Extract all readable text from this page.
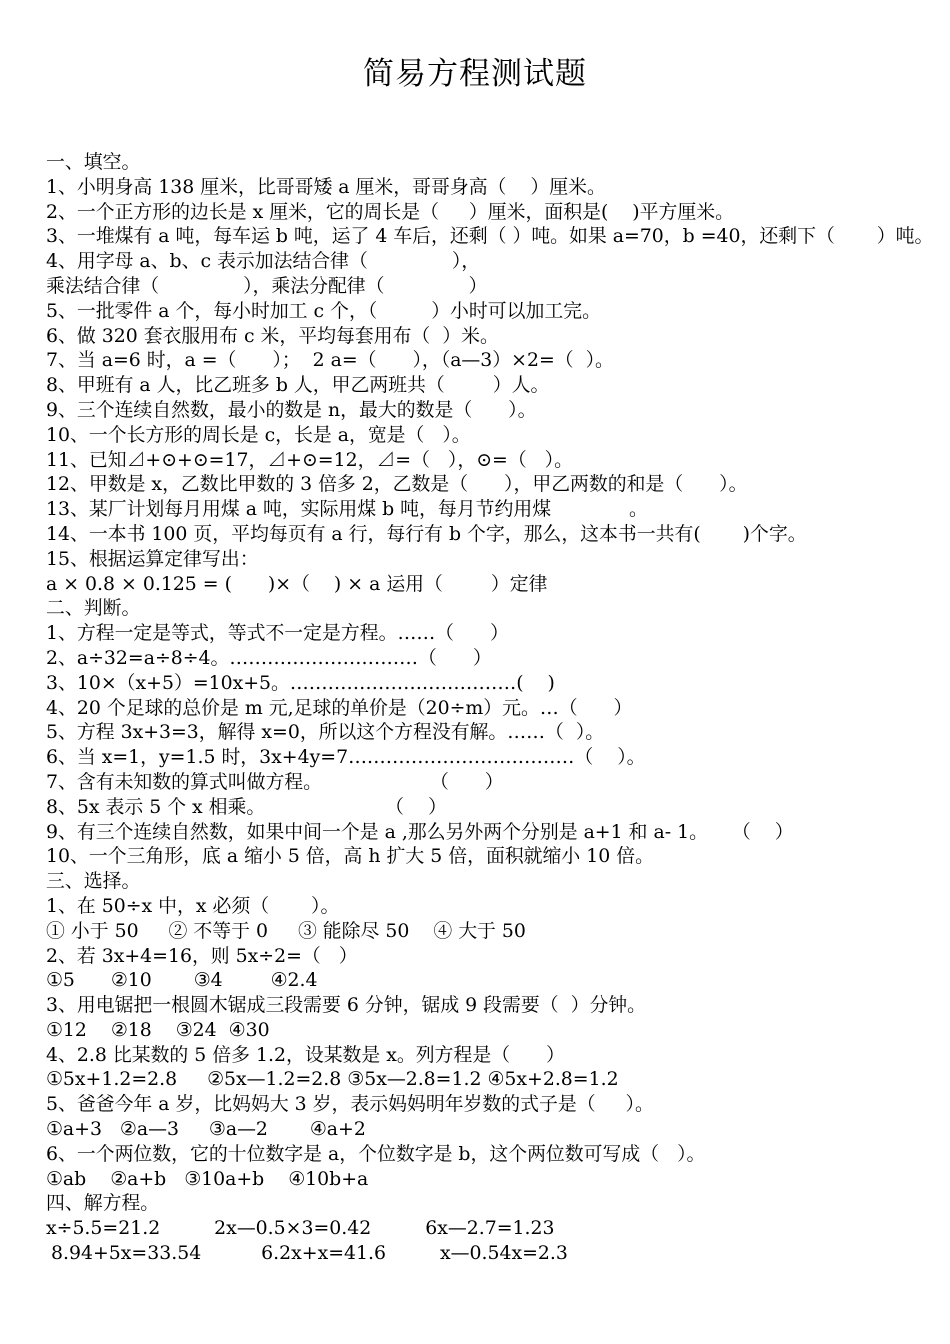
简易方程测试题
一、填空。
1、小明身高 138 厘米，比哥哥矮 a 厘米，哥哥身高（    ）厘米。
2、一个正方形的边长是 x 厘米，它的周长是（     ）厘米，面积是(    )平方厘米。
3、一堆煤有 a 吨，每车运 b 吨，运了 4 车后，还剩（ ）吨。如果 a=70，b =40，还剩下（       ）吨。
4、用字母 a、b、c 表示加法结合律（              ），
乘法结合律（              ），乘法分配律（              ）
5、一批零件 a 个，每小时加工 c 个，（         ）小时可以加工完。
6、做 320 套衣服用布 c 米，平均每套用布（  ）米。
7、当 a=6 时，a =（      ）；  2 a=（      ），（a—3）×2=（  ）。
8、甲班有 a 人，比乙班多 b 人，甲乙两班共（        ）人。
9、三个连续自然数，最小的数是 n，最大的数是（      ）。
10、一个长方形的周长是 c，长是 a，宽是（   ）。
11、已知⊿+⊙+⊙=17，⊿+⊙=12，⊿=（   ），⊙=（   ）。
12、甲数是 x，乙数比甲数的 3 倍多 2，乙数是（      ），甲乙两数的和是（      ）。
13、某厂计划每月用煤 a 吨，实际用煤 b 吨，每月节约用煤             。
14、一本书 100 页，平均每页有 a 行，每行有 b 个字，那么，这本书一共有(       )个字。
15、根据运算定律写出：
a × 0.8 × 0.125 = (      )×（    ) × a 运用（        ）定律
二、判断。
1、方程一定是等式，等式不一定是方程。……（      ）
2、a÷32=a÷8÷4。…………………………（      ）
3、10×（x+5）=10x+5。………………………………(    )
4、20 个足球的总价是 m 元,足球的单价是（20÷m）元。…（      ）
5、方程 3x+3=3，解得 x=0，所以这个方程没有解。……（  ）。
6、当 x=1，y=1.5 时，3x+4y=7………………………………（    ）。
7、含有未知数的算式叫做方程。                  （      ）
8、5x 表示 5 个 x 相乘。                    （    ）
9、有三个连续自然数，如果中间一个是 a ,那么另外两个分别是 a+1 和 a- 1。    （    ）
10、一个三角形，底 a 缩小 5 倍，高 h 扩大 5 倍，面积就缩小 10 倍。
三、选择。
1、在 50÷x 中，x 必须（       ）。
① 小于 50     ② 不等于 0     ③ 能除尽 50    ④ 大于 50
2、若 3x+4=16，则 5x÷2=（   ）
①5      ②10       ③4        ④2.4
3、用电锯把一根圆木锯成三段需要 6 分钟，锯成 9 段需要（  ）分钟。
①12    ②18    ③24  ④30
4、2.8 比某数的 5 倍多 1.2，设某数是 x。列方程是（      ）
①5x+1.2=2.8     ②5x—1.2=2.8 ③5x—2.8=1.2 ④5x+2.8=1.2
5、爸爸今年 a 岁，比妈妈大 3 岁，表示妈妈明年岁数的式子是（     ）。
①a+3   ②a—3     ③a—2       ④a+2
6、一个两位数，它的十位数字是 a，个位数字是 b，这个两位数可写成（   ）。
①ab    ②a+b   ③10a+b    ④10b+a
四、解方程。
x÷5.5=21.2         2x—0.5×3=0.42         6x—2.7=1.23
8.94+5x=33.54          6.2x+x=41.6         x—0.54x=2.3
